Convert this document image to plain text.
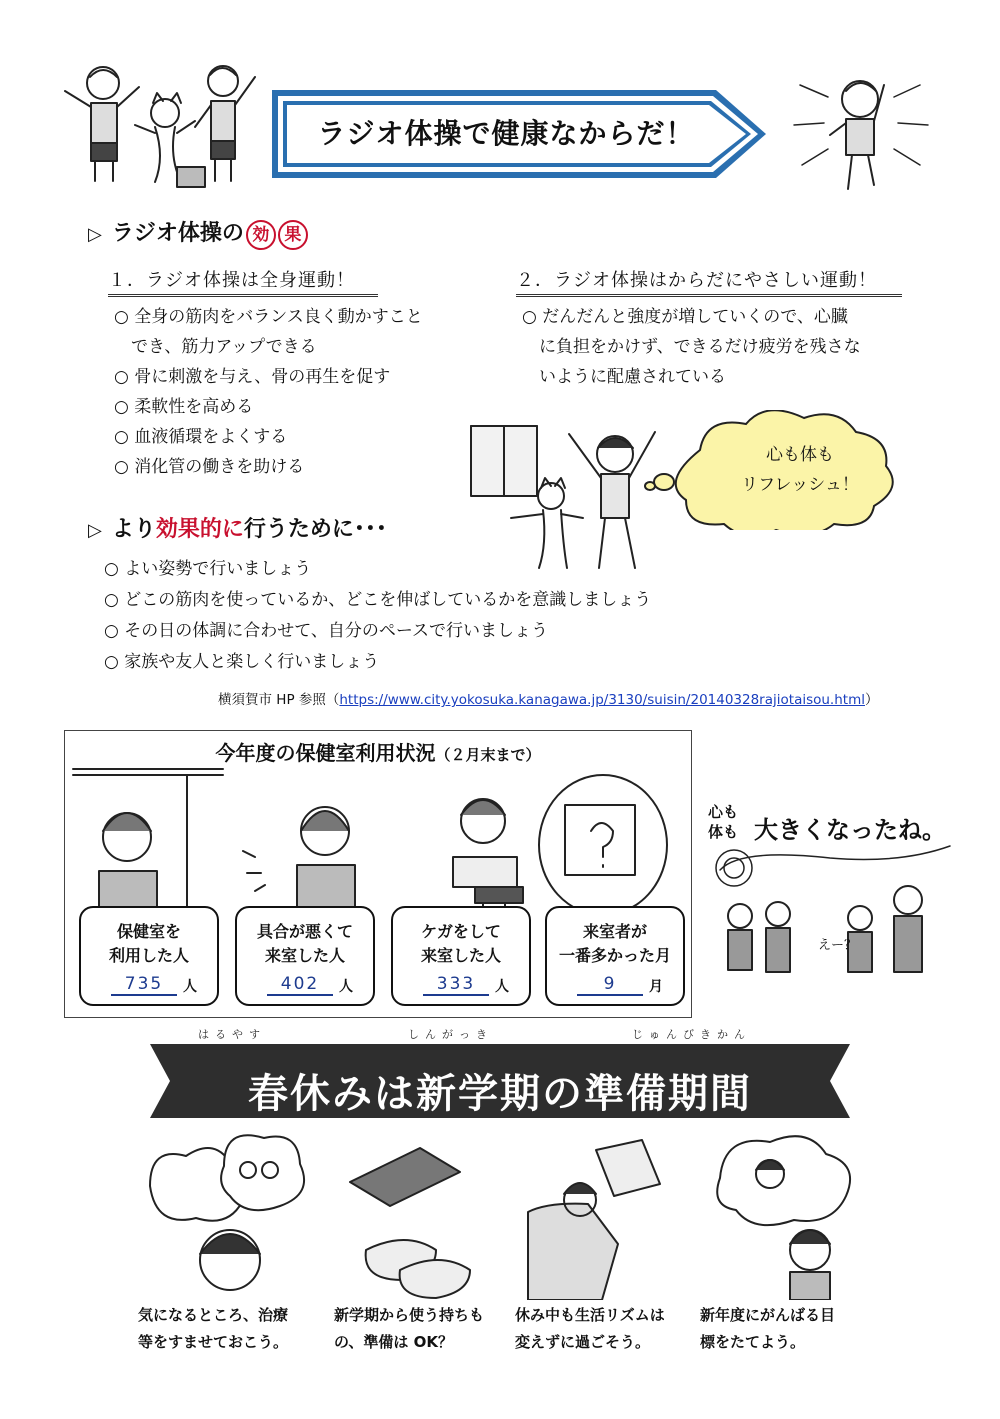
ラジオ体操で健康なからだ！
▷ ラジオ体操の 効 果
１．ラジオ体操は全身運動！
○ 全身の筋肉をバランス良く動かすこと
　でき、筋力アップできる
○ 骨に刺激を与え、骨の再生を促す
○ 柔軟性を高める
○ 血液循環をよくする
○ 消化管の働きを助ける
２．ラジオ体操はからだにやさしい運動！
○ だんだんと強度が増していくので、心臓
　に負担をかけず、できるだけ疲労を残さな
　いように配慮されている
心も体も
リフレッシュ！
▷ より効果的に行うために･･･
○ よい姿勢で行いましょう
○ どこの筋肉を使っているか、どこを伸ばしているかを意識しましょう
○ その日の体調に合わせて、自分のペースで行いましょう
○ 家族や友人と楽しく行いましょう
横須賀市 HP 参照（https://www.city.yokosuka.kanagawa.jp/3130/suisin/20140328rajiotaisou.html）
今年度の保健室利用状況（２月末まで）
保健室を
利用した人
735	人
具合が悪くて
来室した人
402	人
ケガをして
来室した人
333	人
来室者が
一番多かった月
9	月
心も
体も 大きくなったね。
えー？
はるやす	しんがっき	じゅんびきかん
春休みは新学期の準備期間
気になるところ、治療
等をすませておこう。
新学期から使う持ちも
の、準備は OK？
休み中も生活リズムは
変えずに過ごそう。
新年度にがんばる目
標をたてよう。
